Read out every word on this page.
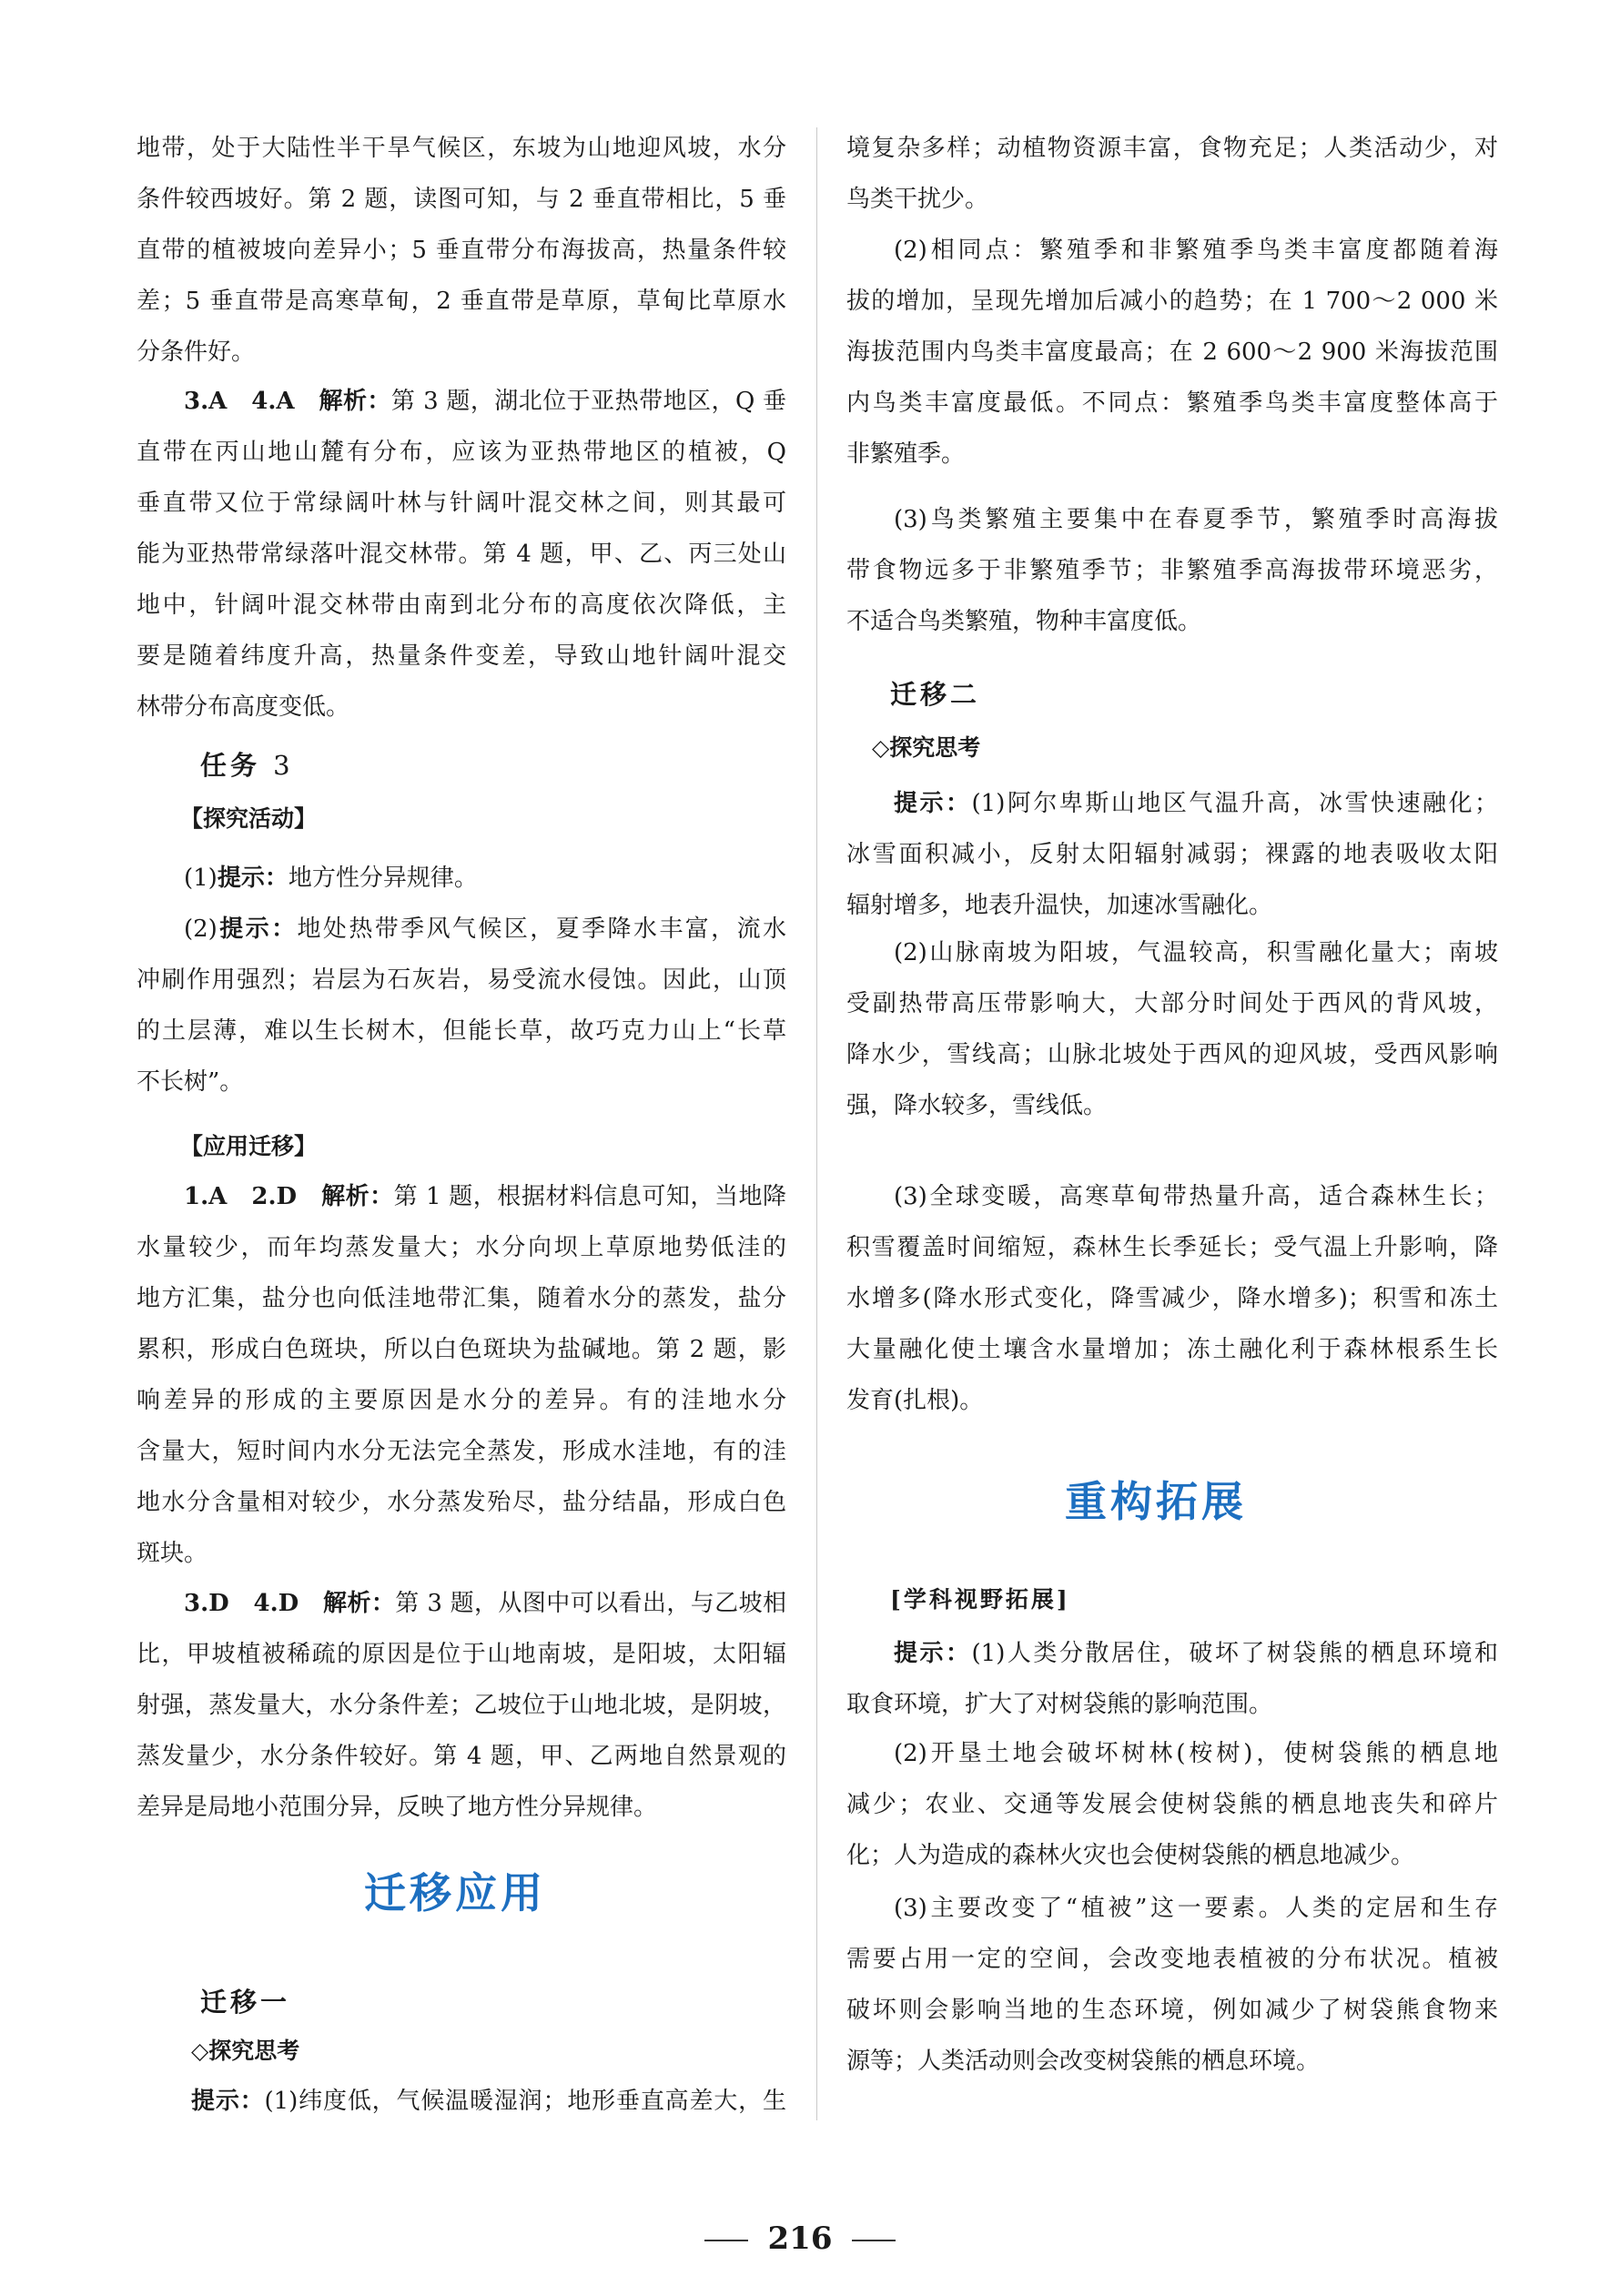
地带，处于大陆性半干旱气候区，东坡为山地迎风坡，水分
条件较西坡好。第 2 题，读图可知，与 2 垂直带相比，5 垂
直带的植被坡向差异小；5 垂直带分布海拔高，热量条件较
差；5 垂直带是高寒草甸，2 垂直带是草原，草甸比草原水
分条件好。
3.A　4.A　解析：第 3 题，湖北位于亚热带地区，Q 垂
直带在丙山地山麓有分布，应该为亚热带地区的植被，Q
垂直带又位于常绿阔叶林与针阔叶混交林之间，则其最可
能为亚热带常绿落叶混交林带。第 4 题，甲、乙、丙三处山
地中，针阔叶混交林带由南到北分布的高度依次降低，主
要是随着纬度升高，热量条件变差，导致山地针阔叶混交
林带分布高度变低。
任务 3
【探究活动】
(1)提示：地方性分异规律。
(2)提示：地处热带季风气候区，夏季降水丰富，流水
冲刷作用强烈；岩层为石灰岩，易受流水侵蚀。因此，山顶
的土层薄，难以生长树木，但能长草，故巧克力山上“长草
不长树”。
【应用迁移】
1.A　2.D　解析：第 1 题，根据材料信息可知，当地降
水量较少，而年均蒸发量大；水分向坝上草原地势低洼的
地方汇集，盐分也向低洼地带汇集，随着水分的蒸发，盐分
累积，形成白色斑块，所以白色斑块为盐碱地。第 2 题，影
响差异的形成的主要原因是水分的差异。有的洼地水分
含量大，短时间内水分无法完全蒸发，形成水洼地，有的洼
地水分含量相对较少，水分蒸发殆尽，盐分结晶，形成白色
斑块。
3.D　4.D　解析：第 3 题，从图中可以看出，与乙坡相
比，甲坡植被稀疏的原因是位于山地南坡，是阳坡，太阳辐
射强，蒸发量大，水分条件差；乙坡位于山地北坡，是阴坡，
蒸发量少，水分条件较好。第 4 题，甲、乙两地自然景观的
差异是局地小范围分异，反映了地方性分异规律。
迁移应用
迁移一
◇探究思考
提示：(1)纬度低，气候温暖湿润；地形垂直高差大，生
境复杂多样；动植物资源丰富，食物充足；人类活动少，对
鸟类干扰少。
(2)相同点：繁殖季和非繁殖季鸟类丰富度都随着海
拔的增加，呈现先增加后减小的趋势；在 1 700～2 000 米
海拔范围内鸟类丰富度最高；在 2 600～2 900 米海拔范围
内鸟类丰富度最低。不同点：繁殖季鸟类丰富度整体高于
非繁殖季。
(3)鸟类繁殖主要集中在春夏季节，繁殖季时高海拔
带食物远多于非繁殖季节；非繁殖季高海拔带环境恶劣，
不适合鸟类繁殖，物种丰富度低。
迁移二
◇探究思考
提示：(1)阿尔卑斯山地区气温升高，冰雪快速融化；
冰雪面积减小，反射太阳辐射减弱；裸露的地表吸收太阳
辐射增多，地表升温快，加速冰雪融化。
(2)山脉南坡为阳坡，气温较高，积雪融化量大；南坡
受副热带高压带影响大，大部分时间处于西风的背风坡，
降水少，雪线高；山脉北坡处于西风的迎风坡，受西风影响
强，降水较多，雪线低。
(3)全球变暖，高寒草甸带热量升高，适合森林生长；
积雪覆盖时间缩短，森林生长季延长；受气温上升影响，降
水增多(降水形式变化，降雪减少，降水增多)；积雪和冻土
大量融化使土壤含水量增加；冻土融化利于森林根系生长
发育(扎根)。
重构拓展
[学科视野拓展]
提示：(1)人类分散居住，破坏了树袋熊的栖息环境和
取食环境，扩大了对树袋熊的影响范围。
(2)开垦土地会破坏树林(桉树)，使树袋熊的栖息地
减少；农业、交通等发展会使树袋熊的栖息地丧失和碎片
化；人为造成的森林火灾也会使树袋熊的栖息地减少。
(3)主要改变了“植被”这一要素。人类的定居和生存
需要占用一定的空间，会改变地表植被的分布状况。植被
破坏则会影响当地的生态环境，例如减少了树袋熊食物来
源等；人类活动则会改变树袋熊的栖息环境。
216
